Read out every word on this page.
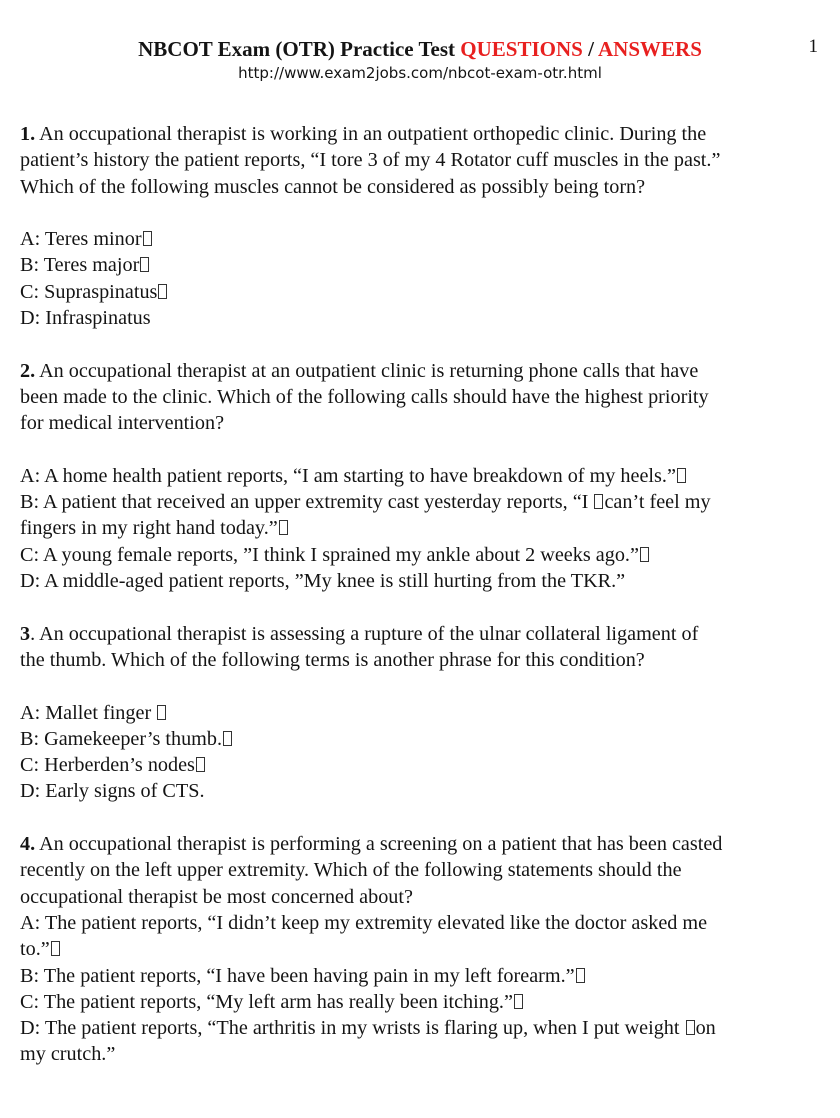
NBCOT Exam (OTR) Practice Test QUESTIONS / ANSWERS	1
http://www.exam2jobs.com/nbcot-exam-otr.html
1. An occupational therapist is working in an outpatient orthopedic clinic. During the
patient’s history the patient reports, “I tore 3 of my 4 Rotator cuff muscles in the past.”
Which of the following muscles cannot be considered as possibly being torn?
A: Teres minor
B: Teres major
C: Supraspinatus
D: Infraspinatus
2. An occupational therapist at an outpatient clinic is returning phone calls that have
been made to the clinic. Which of the following calls should have the highest priority
for medical intervention?
A: A home health patient reports, “I am starting to have breakdown of my heels.”
B: A patient that received an upper extremity cast yesterday reports, “I can’t feel my
fingers in my right hand today.”
C: A young female reports, ”I think I sprained my ankle about 2 weeks ago.”
D: A middle-aged patient reports, ”My knee is still hurting from the TKR.”
3. An occupational therapist is assessing a rupture of the ulnar collateral ligament of
the thumb. Which of the following terms is another phrase for this condition?
A: Mallet finger
B: Gamekeeper’s thumb.
C: Herberden’s nodes
D: Early signs of CTS.
4. An occupational therapist is performing a screening on a patient that has been casted
recently on the left upper extremity. Which of the following statements should the
occupational therapist be most concerned about?
A: The patient reports, “I didn’t keep my extremity elevated like the doctor asked me
to.”
B: The patient reports, “I have been having pain in my left forearm.”
C: The patient reports, “My left arm has really been itching.”
D: The patient reports, “The arthritis in my wrists is flaring up, when I put weight on
my crutch.”
